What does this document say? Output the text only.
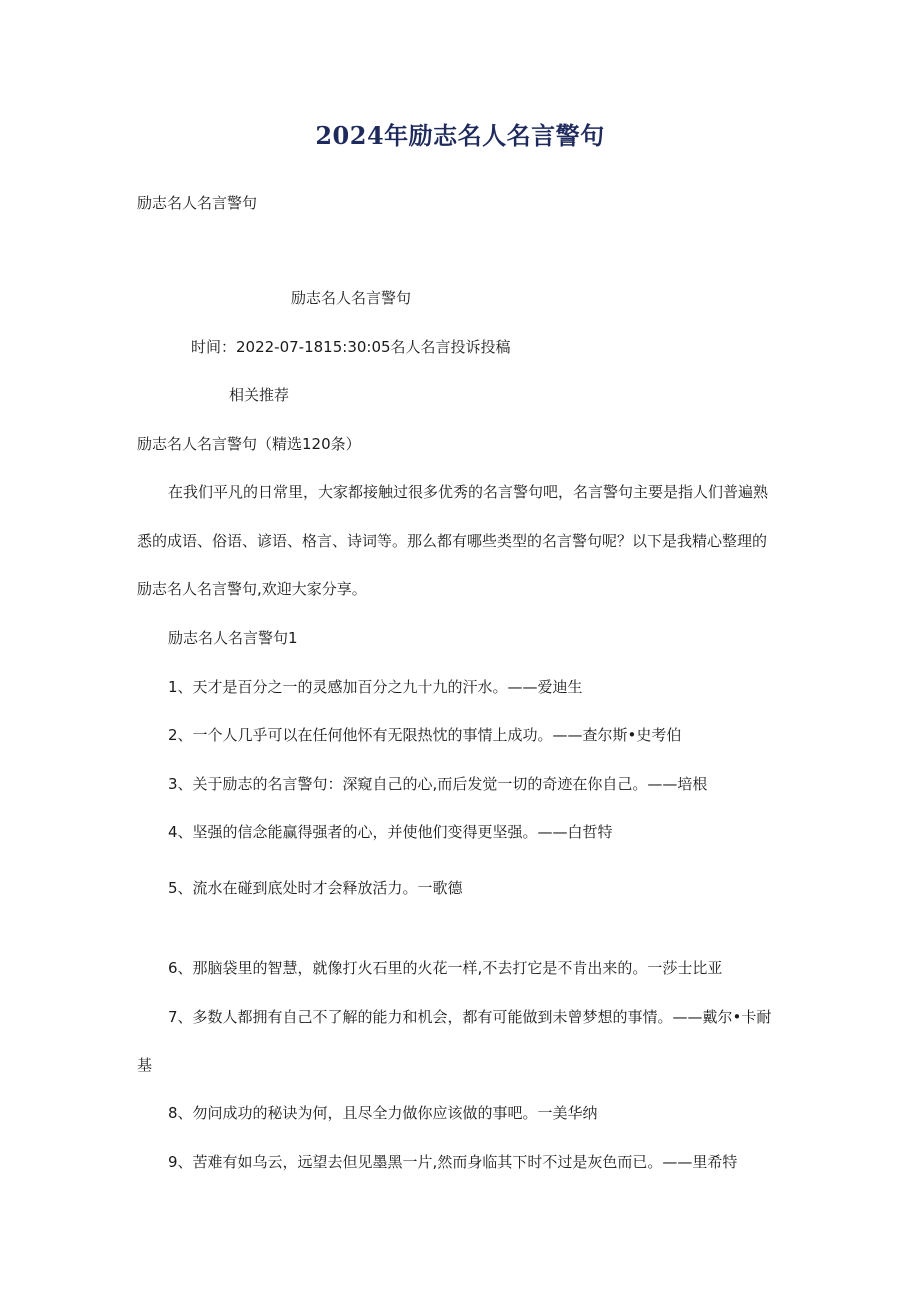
2024年励志名人名言警句
励志名人名言警句
励志名人名言警句
时间：2022-07-1815:30:05名人名言投诉投稿
相关推荐
励志名人名言警句（精选120条）
在我们平凡的日常里，大家都接触过很多优秀的名言警句吧，名言警句主要是指人们普遍熟
悉的成语、俗语、谚语、格言、诗词等。那么都有哪些类型的名言警句呢？以下是我精心整理的
励志名人名言警句,欢迎大家分享。
励志名人名言警句1
1、天才是百分之一的灵感加百分之九十九的汗水。——爱迪生
2、一个人几乎可以在任何他怀有无限热忱的事情上成功。——查尔斯•史考伯
3、关于励志的名言警句：深窥自己的心,而后发觉一切的奇迹在你自己。——培根
4、坚强的信念能赢得强者的心，并使他们变得更坚强。——白哲特
5、流水在碰到底处时才会释放活力。一歌德
6、那脑袋里的智慧，就像打火石里的火花一样,不去打它是不肯出来的。一莎士比亚
7、多数人都拥有自己不了解的能力和机会，都有可能做到未曾梦想的事情。——戴尔•卡耐
基
8、勿问成功的秘诀为何，且尽全力做你应该做的事吧。一美华纳
9、苦难有如乌云，远望去但见墨黑一片,然而身临其下时不过是灰色而已。——里希特
